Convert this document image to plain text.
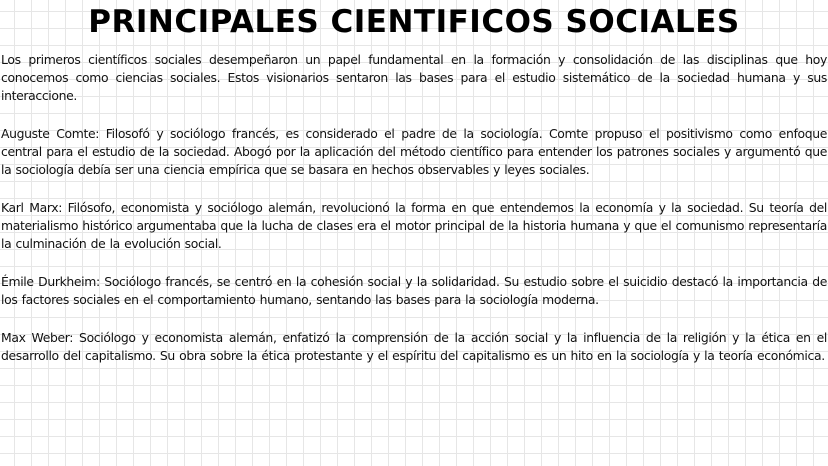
PRINCIPALES CIENTIFICOS SOCIALES

Los primeros científicos sociales desempeñaron un papel fundamental en la formación y consolidación de las disciplinas que hoy conocemos como ciencias sociales. Estos visionarios sentaron las bases para el estudio sistemático de la sociedad humana y sus interaccione.

Auguste Comte: Filosofó y sociólogo francés, es considerado el padre de la sociología. Comte propuso el positivismo como enfoque central para el estudio de la sociedad. Abogó por la aplicación del método científico para entender los patrones sociales y argumentó que la sociología debía ser una ciencia empírica que se basara en hechos observables y leyes sociales.

Karl Marx: Filósofo, economista y sociólogo alemán, revolucionó la forma en que entendemos la economía y la sociedad. Su teoría del materialismo histórico argumentaba que la lucha de clases era el motor principal de la historia humana y que el comunismo representaría la culminación de la evolución social.

Émile Durkheim: Sociólogo francés, se centró en la cohesión social y la solidaridad. Su estudio sobre el suicidio destacó la importancia de los factores sociales en el comportamiento humano, sentando las bases para la sociología moderna.

Max Weber: Sociólogo y economista alemán, enfatizó la comprensión de la acción social y la influencia de la religión y la ética en el desarrollo del capitalismo. Su obra sobre la ética protestante y el espíritu del capitalismo es un hito en la sociología y la teoría económica.
